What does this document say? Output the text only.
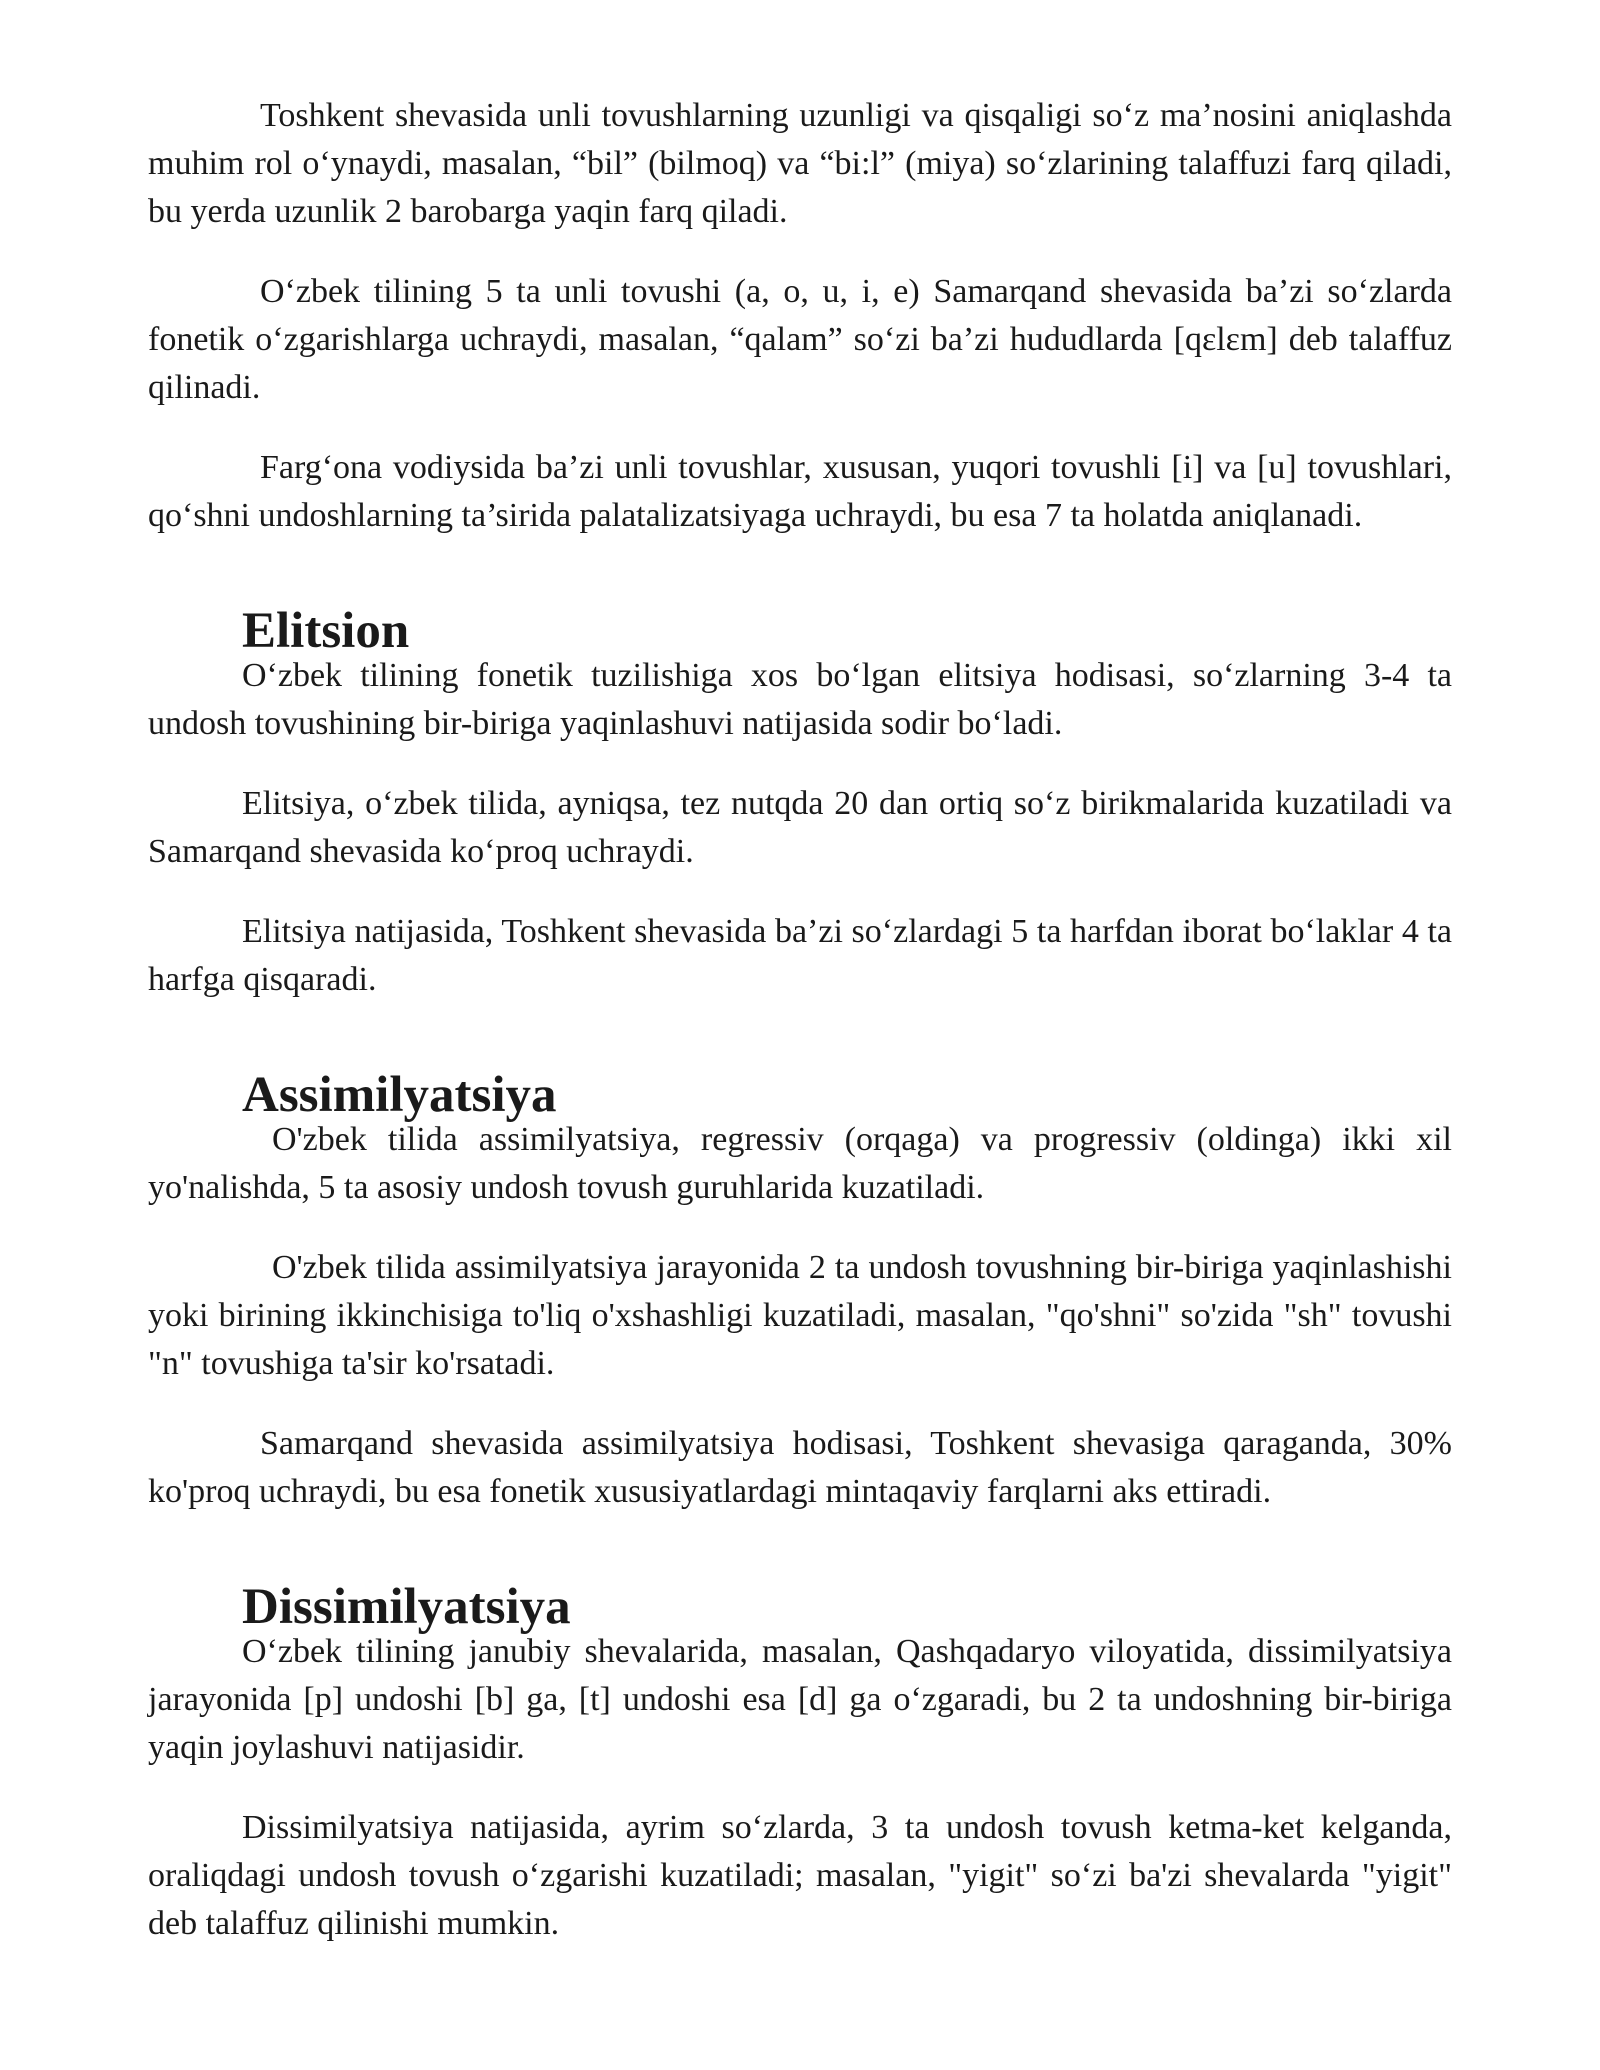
Toshkent shevasida unli tovushlarning uzunligi va qisqaligi so‘z ma’nosini aniqlashda muhim rol o‘ynaydi, masalan, “bil” (bilmoq) va “bi:l” (miya) so‘zlarining talaffuzi farq qiladi, bu yerda uzunlik 2 barobarga yaqin farq qiladi.

O‘zbek tilining 5 ta unli tovushi (a, o, u, i, e) Samarqand shevasida ba’zi so‘zlarda fonetik o‘zgarishlarga uchraydi, masalan, “qalam” so‘zi ba’zi hududlarda [qɛlɛm] deb talaffuz qilinadi.

Farg‘ona vodiysida ba’zi unli tovushlar, xususan, yuqori tovushli [i] va [u] tovushlari, qo‘shni undoshlarning ta’sirida palatalizatsiyaga uchraydi, bu esa 7 ta holatda aniqlanadi.

Elitsion

O‘zbek tilining fonetik tuzilishiga xos bo‘lgan elitsiya hodisasi, so‘zlarning 3-4 ta undosh tovushining bir-biriga yaqinlashuvi natijasida sodir bo‘ladi.

Elitsiya, o‘zbek tilida, ayniqsa, tez nutqda 20 dan ortiq so‘z birikmalarida kuzatiladi va Samarqand shevasida ko‘proq uchraydi.

Elitsiya natijasida, Toshkent shevasida ba’zi so‘zlardagi 5 ta harfdan iborat bo‘laklar 4 ta harfga qisqaradi.

Assimilyatsiya

O'zbek tilida assimilyatsiya, regressiv (orqaga) va progressiv (oldinga) ikki xil yo'nalishda, 5 ta asosiy undosh tovush guruhlarida kuzatiladi.

O'zbek tilida assimilyatsiya jarayonida 2 ta undosh tovushning bir-biriga yaqinlashishi yoki birining ikkinchisiga to'liq o'xshashligi kuzatiladi, masalan, "qo'shni" so'zida "sh" tovushi "n" tovushiga ta'sir ko'rsatadi.

Samarqand shevasida assimilyatsiya hodisasi, Toshkent shevasiga qaraganda, 30% ko'proq uchraydi, bu esa fonetik xususiyatlardagi mintaqaviy farqlarni aks ettiradi.

Dissimilyatsiya

O‘zbek tilining janubiy shevalarida, masalan, Qashqadaryo viloyatida, dissimilyatsiya jarayonida [p] undoshi [b] ga, [t] undoshi esa [d] ga o‘zgaradi, bu 2 ta undoshning bir-biriga yaqin joylashuvi natijasidir.

Dissimilyatsiya natijasida, ayrim so‘zlarda, 3 ta undosh tovush ketma-ket kelganda, oraliqdagi undosh tovush o‘zgarishi kuzatiladi; masalan, "yigit" so‘zi ba'zi shevalarda "yigit" deb talaffuz qilinishi mumkin.
